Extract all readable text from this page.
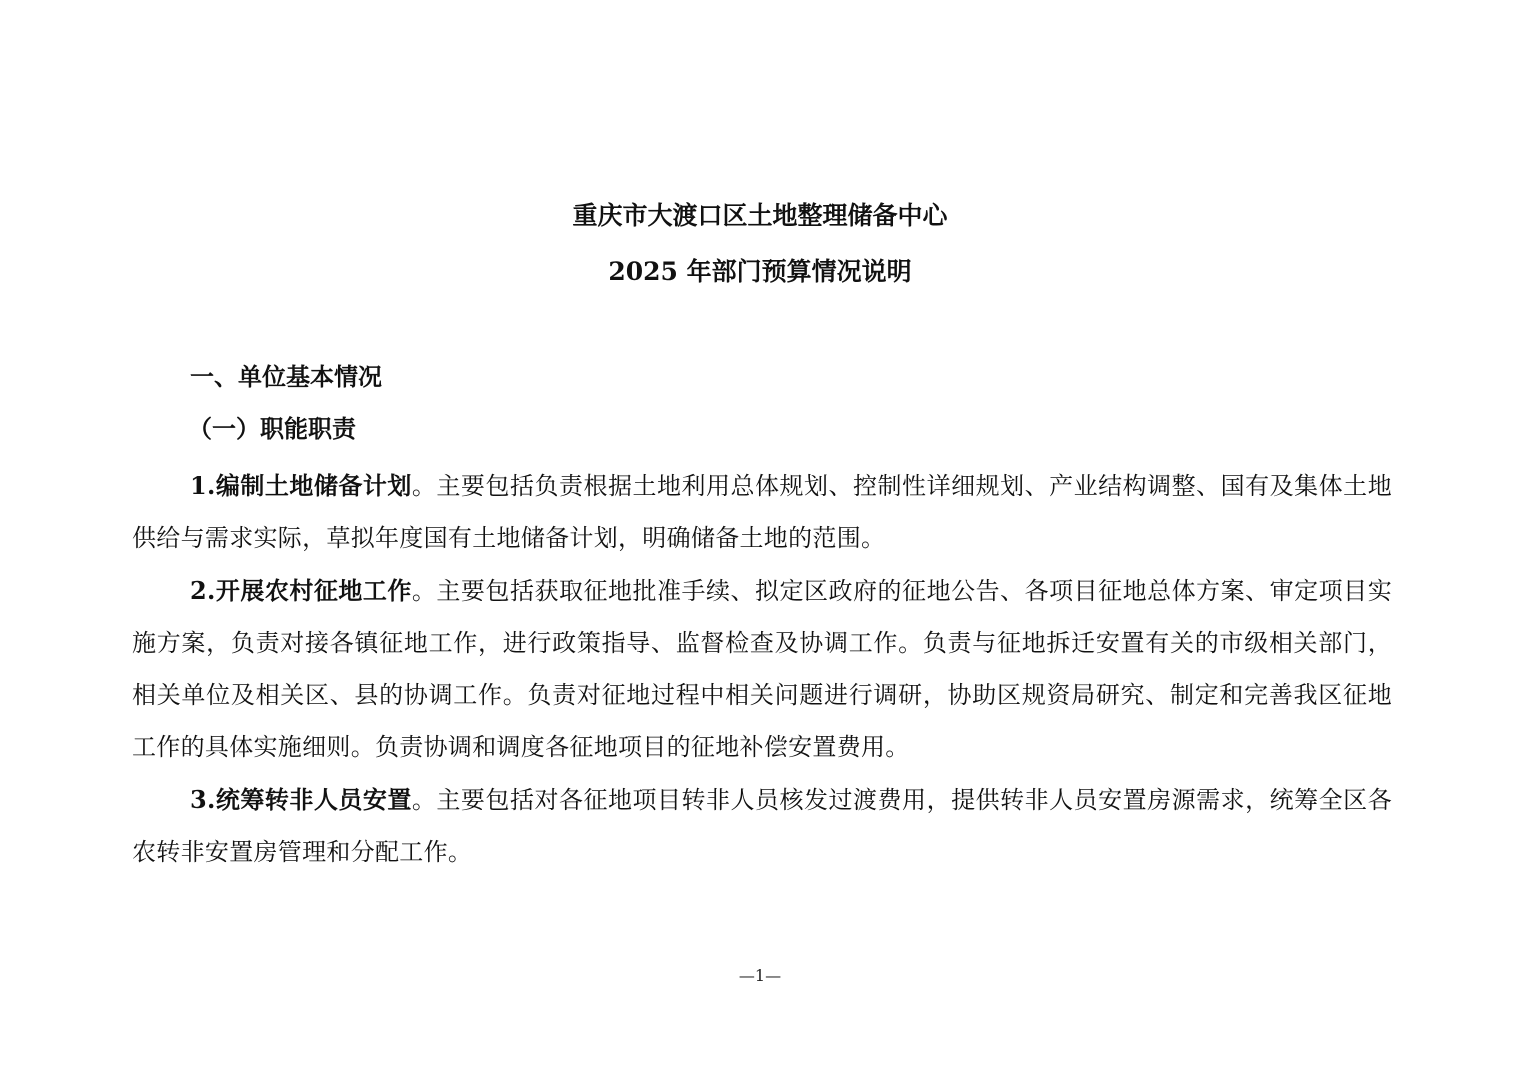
重庆市大渡口区土地整理储备中心
2025 年部门预算情况说明
一、单位基本情况
（一）职能职责

1.编制土地储备计划。主要包括负责根据土地利用总体规划、控制性详细规划、产业结构调整、国有及集体土地供给与需求实际，草拟年度国有土地储备计划，明确储备土地的范围。

2.开展农村征地工作。主要包括获取征地批准手续、拟定区政府的征地公告、各项目征地总体方案、审定项目实施方案，负责对接各镇征地工作，进行政策指导、监督检查及协调工作。负责与征地拆迁安置有关的市级相关部门，相关单位及相关区、县的协调工作。负责对征地过程中相关问题进行调研，协助区规资局研究、制定和完善我区征地工作的具体实施细则。负责协调和调度各征地项目的征地补偿安置费用。

3.统筹转非人员安置。主要包括对各征地项目转非人员核发过渡费用，提供转非人员安置房源需求，统筹全区各农转非安置房管理和分配工作。

—1—
